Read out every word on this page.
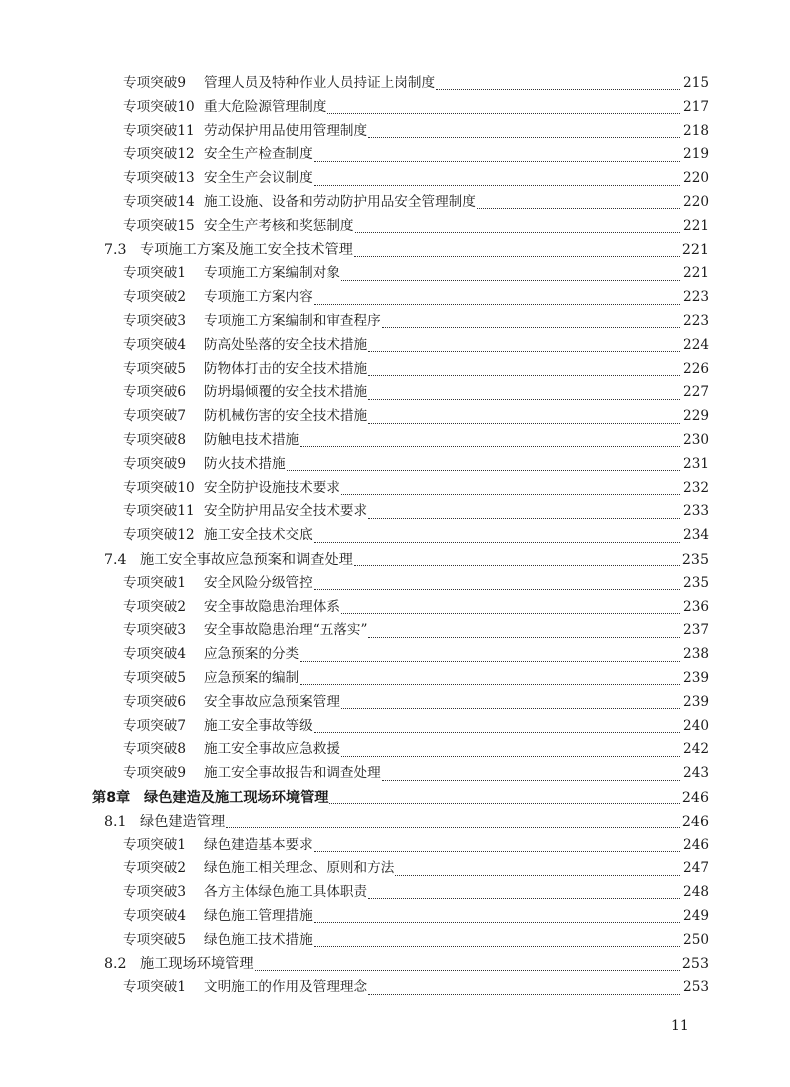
专项突破9	管理人员及特种作业人员持证上岗制度	215
专项突破10 重大危险源管理制度	217
专项突破11 劳动保护用品使用管理制度	218
专项突破12 安全生产检查制度	219
专项突破13 安全生产会议制度	220
专项突破14 施工设施、设备和劳动防护用品安全管理制度	220
专项突破15 安全生产考核和奖惩制度	221
7.3 专项施工方案及施工安全技术管理	221
专项突破1	专项施工方案编制对象	221
专项突破2	专项施工方案内容	223
专项突破3	专项施工方案编制和审查程序	223
专项突破4	防高处坠落的安全技术措施	224
专项突破5	防物体打击的安全技术措施	226
专项突破6	防坍塌倾覆的安全技术措施	227
专项突破7	防机械伤害的安全技术措施	229
专项突破8	防触电技术措施	230
专项突破9	防火技术措施	231
专项突破10 安全防护设施技术要求	232
专项突破11 安全防护用品安全技术要求	233
专项突破12 施工安全技术交底	234
7.4 施工安全事故应急预案和调查处理	235
专项突破1	安全风险分级管控	235
专项突破2	安全事故隐患治理体系	236
专项突破3	安全事故隐患治理“五落实”	237
专项突破4	应急预案的分类	238
专项突破5	应急预案的编制	239
专项突破6	安全事故应急预案管理	239
专项突破7	施工安全事故等级	240
专项突破8	施工安全事故应急救援	242
专项突破9	施工安全事故报告和调查处理	243
第8章 绿色建造及施工现场环境管理	246
8.1 绿色建造管理	246
专项突破1	绿色建造基本要求	246
专项突破2	绿色施工相关理念、原则和方法	247
专项突破3	各方主体绿色施工具体职责	248
专项突破4	绿色施工管理措施	249
专项突破5	绿色施工技术措施	250
8.2 施工现场环境管理	253
专项突破1	文明施工的作用及管理理念	253
11
